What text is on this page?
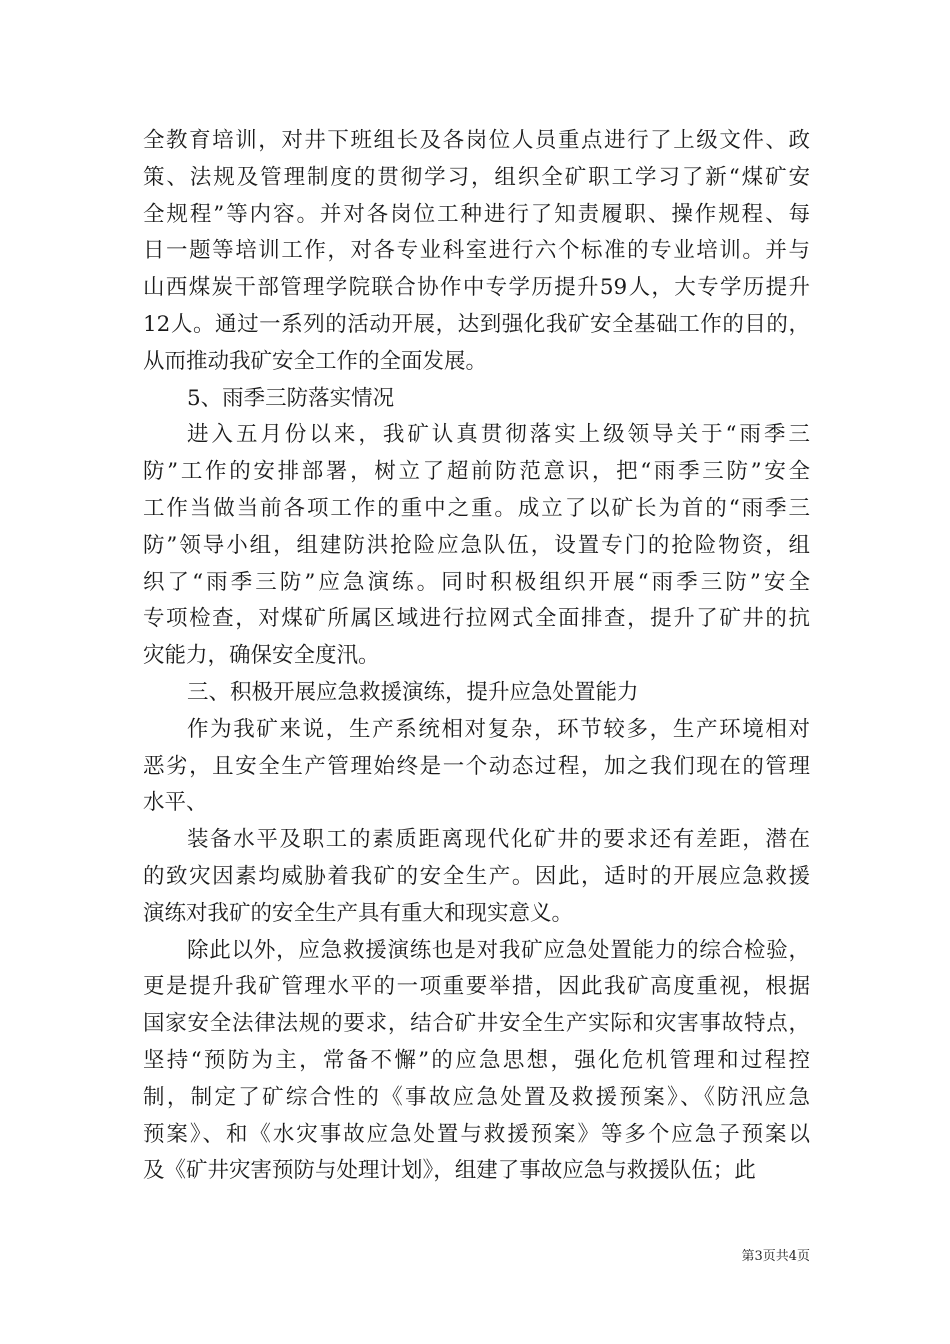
全教育培训，对井下班组长及各岗位人员重点进行了上级文件、政
策、法规及管理制度的贯彻学习，组织全矿职工学习了新“煤矿安
全规程”等内容。并对各岗位工种进行了知责履职、操作规程、每
日一题等培训工作，对各专业科室进行六个标准的专业培训。并与
山西煤炭干部管理学院联合协作中专学历提升59人，大专学历提升
12人。通过一系列的活动开展，达到强化我矿安全基础工作的目的，
从而推动我矿安全工作的全面发展。
5、雨季三防落实情况
进入五月份以来，我矿认真贯彻落实上级领导关于“雨季三
防”工作的安排部署，树立了超前防范意识，把“雨季三防”安全
工作当做当前各项工作的重中之重。成立了以矿长为首的“雨季三
防”领导小组，组建防洪抢险应急队伍，设置专门的抢险物资，组
织了“雨季三防”应急演练。同时积极组织开展“雨季三防”安全
专项检查，对煤矿所属区域进行拉网式全面排查，提升了矿井的抗
灾能力，确保安全度汛。
三、积极开展应急救援演练，提升应急处置能力
作为我矿来说，生产系统相对复杂，环节较多，生产环境相对
恶劣，且安全生产管理始终是一个动态过程，加之我们现在的管理
水平、
装备水平及职工的素质距离现代化矿井的要求还有差距，潜在
的致灾因素均威胁着我矿的安全生产。因此，适时的开展应急救援
演练对我矿的安全生产具有重大和现实意义。
除此以外，应急救援演练也是对我矿应急处置能力的综合检验，
更是提升我矿管理水平的一项重要举措，因此我矿高度重视，根据
国家安全法律法规的要求，结合矿井安全生产实际和灾害事故特点，
坚持“预防为主，常备不懈”的应急思想，强化危机管理和过程控
制，制定了矿综合性的《事故应急处置及救援预案》、《防汛应急
预案》、和《水灾事故应急处置与救援预案》等多个应急子预案以
及《矿井灾害预防与处理计划》，组建了事故应急与救援队伍；此
第3页共4页
